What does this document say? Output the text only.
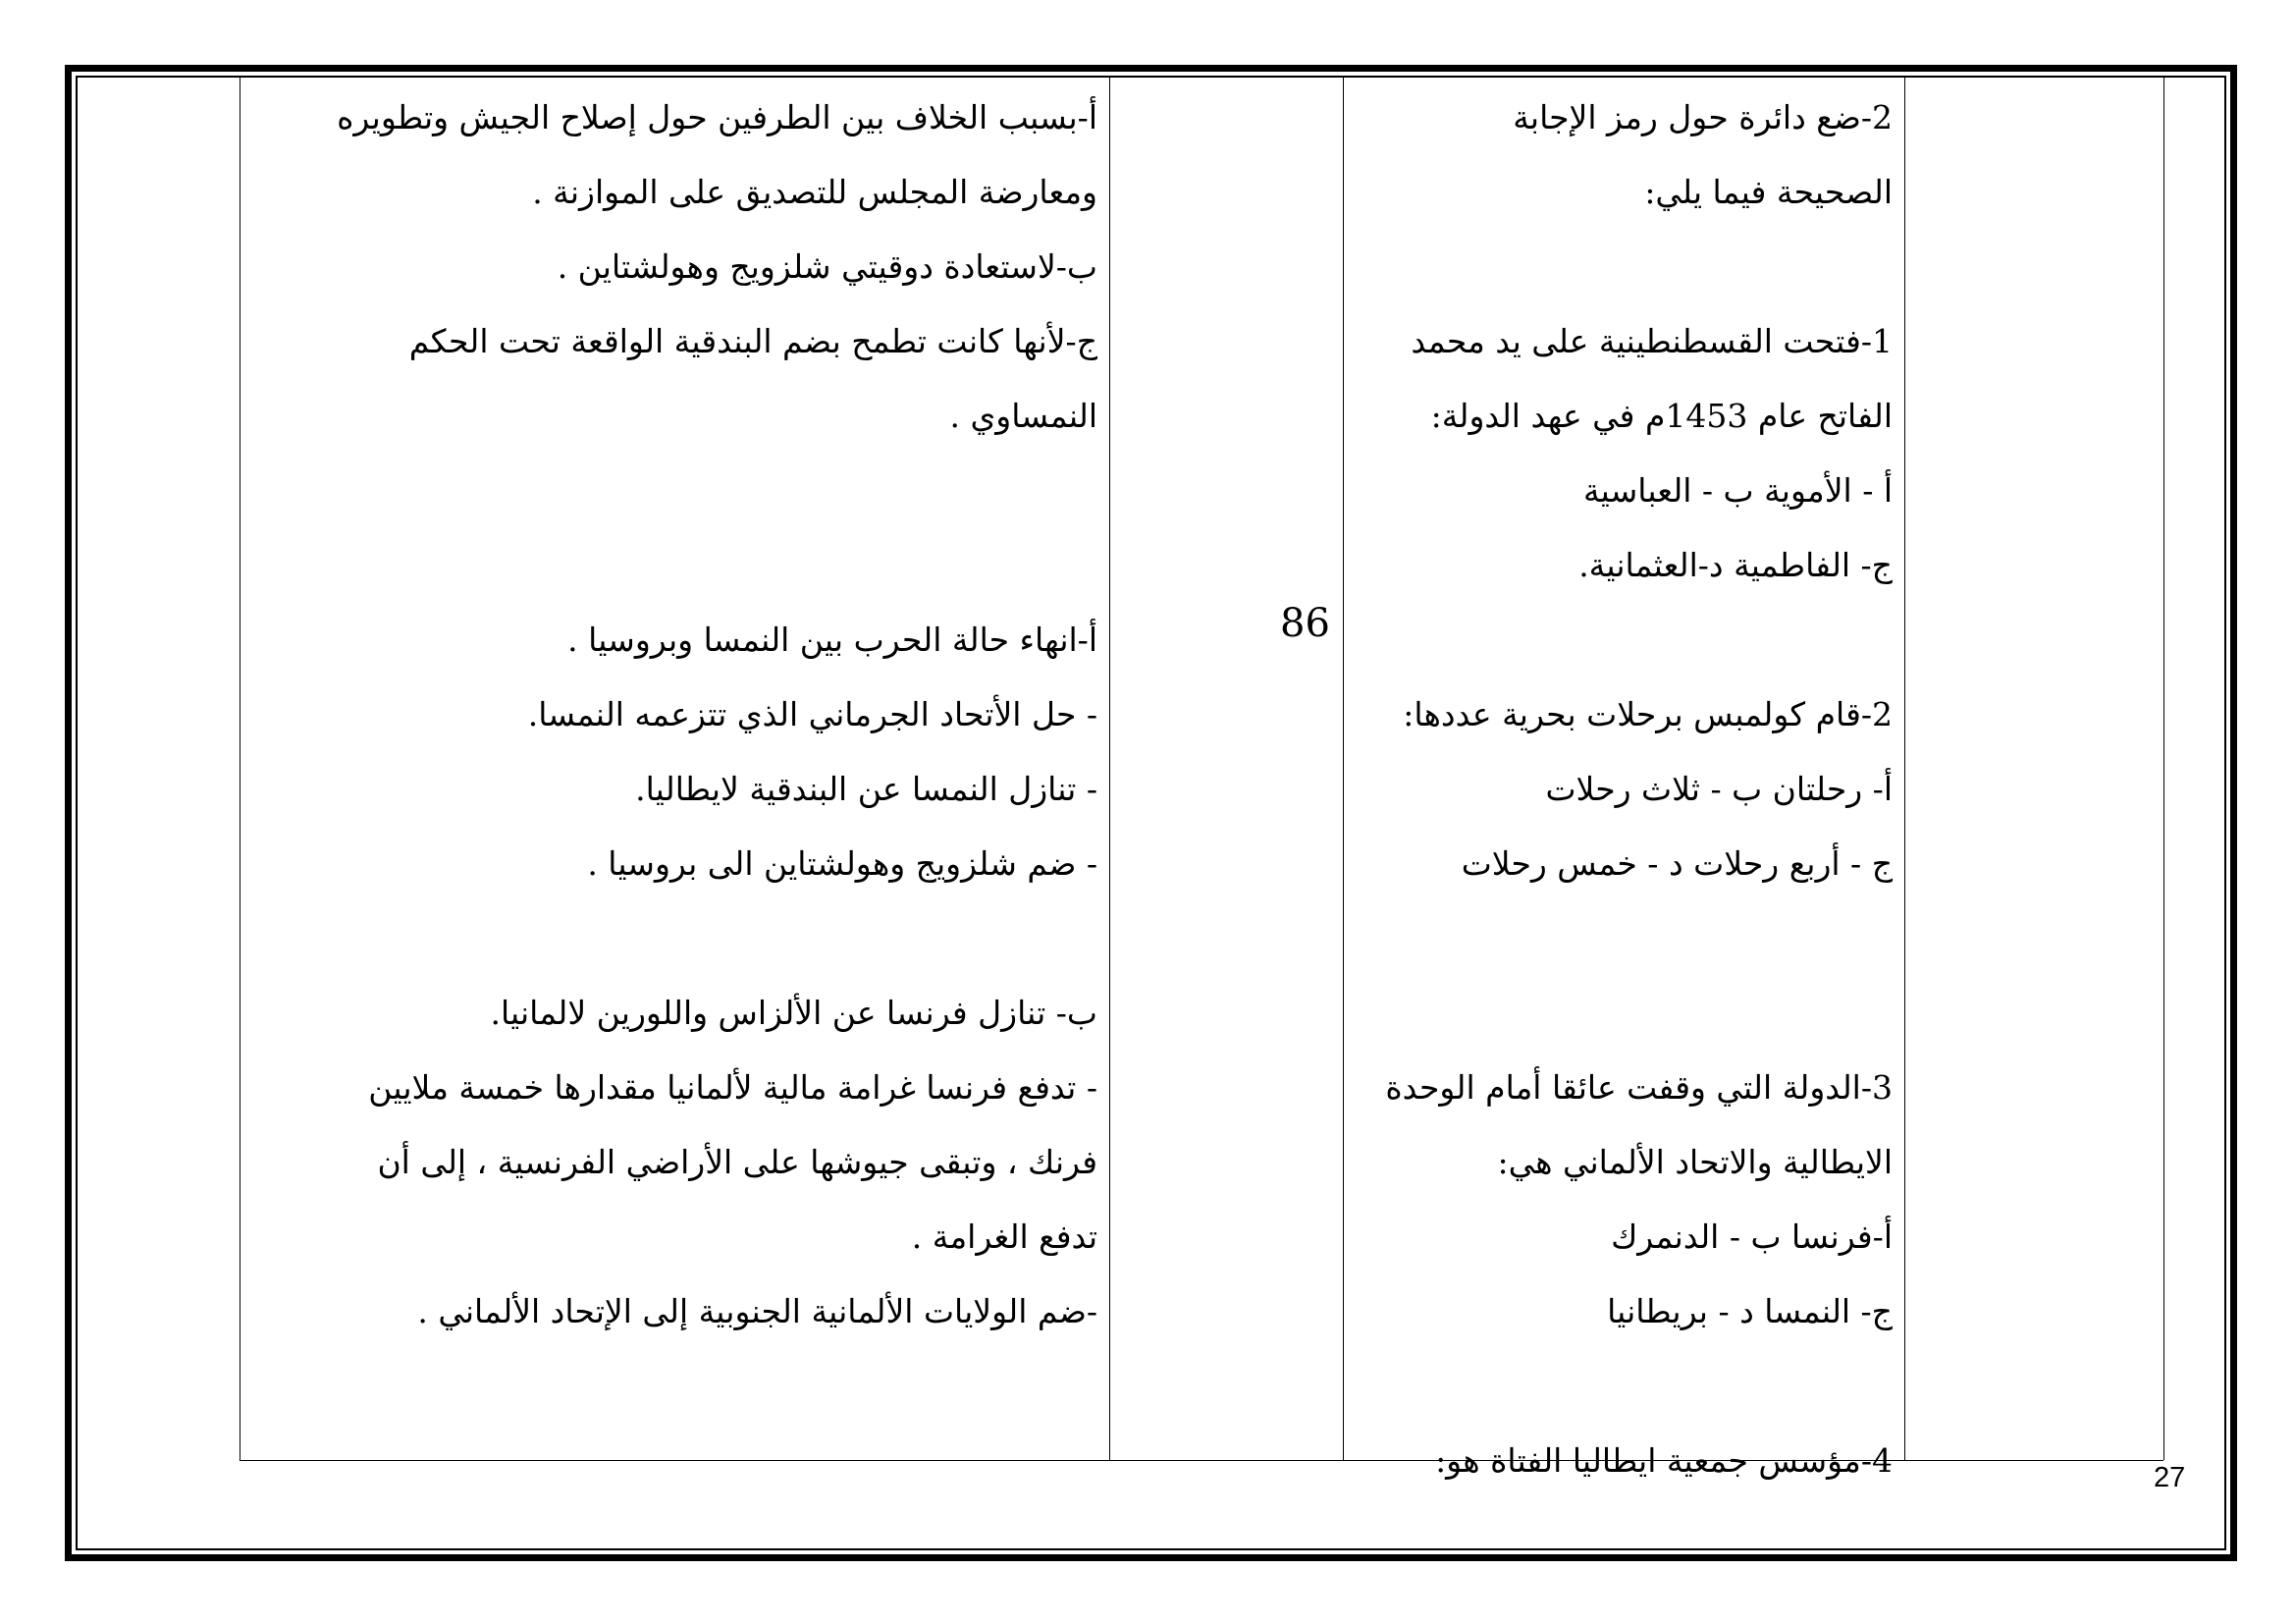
2-ضع دائرة حول رمز الإجابة
الصحيحة فيما يلي:
1-فتحت القسطنطينية على يد محمد
الفاتح عام 1453م في عهد الدولة:
أ - الأموية ب - العباسية
ج- الفاطمية د-العثمانية.
2-قام كولمبس برحلات بحرية عددها:
أ- رحلتان ب - ثلاث رحلات
ج - أربع رحلات د - خمس رحلات
3-الدولة التي وقفت عائقا أمام الوحدة
الايطالية والاتحاد الألماني هي:
أ-فرنسا ب - الدنمرك
ج- النمسا د - بريطانيا
4-مؤسس جمعية ايطاليا الفتاة هو:
86
أ-بسبب الخلاف بين الطرفين حول إصلاح الجيش وتطويره
ومعارضة المجلس للتصديق على الموازنة .
ب-لاستعادة دوقيتي شلزويج وهولشتاين .
ج-لأنها كانت تطمح بضم البندقية الواقعة تحت الحكم
النمساوي .
أ-انهاء حالة الحرب بين النمسا وبروسيا .
- حل الأتحاد الجرماني الذي تتزعمه النمسا.
- تنازل النمسا عن البندقية لايطاليا.
- ضم شلزويج وهولشتاين الى بروسيا .
ب- تنازل فرنسا عن الألزاس واللورين لالمانيا.
- تدفع فرنسا غرامة مالية لألمانيا مقدارها خمسة ملايين
فرنك ، وتبقى جيوشها على الأراضي الفرنسية ، إلى أن
تدفع الغرامة .
-ضم الولايات الألمانية الجنوبية إلى الإتحاد الألماني .
27
